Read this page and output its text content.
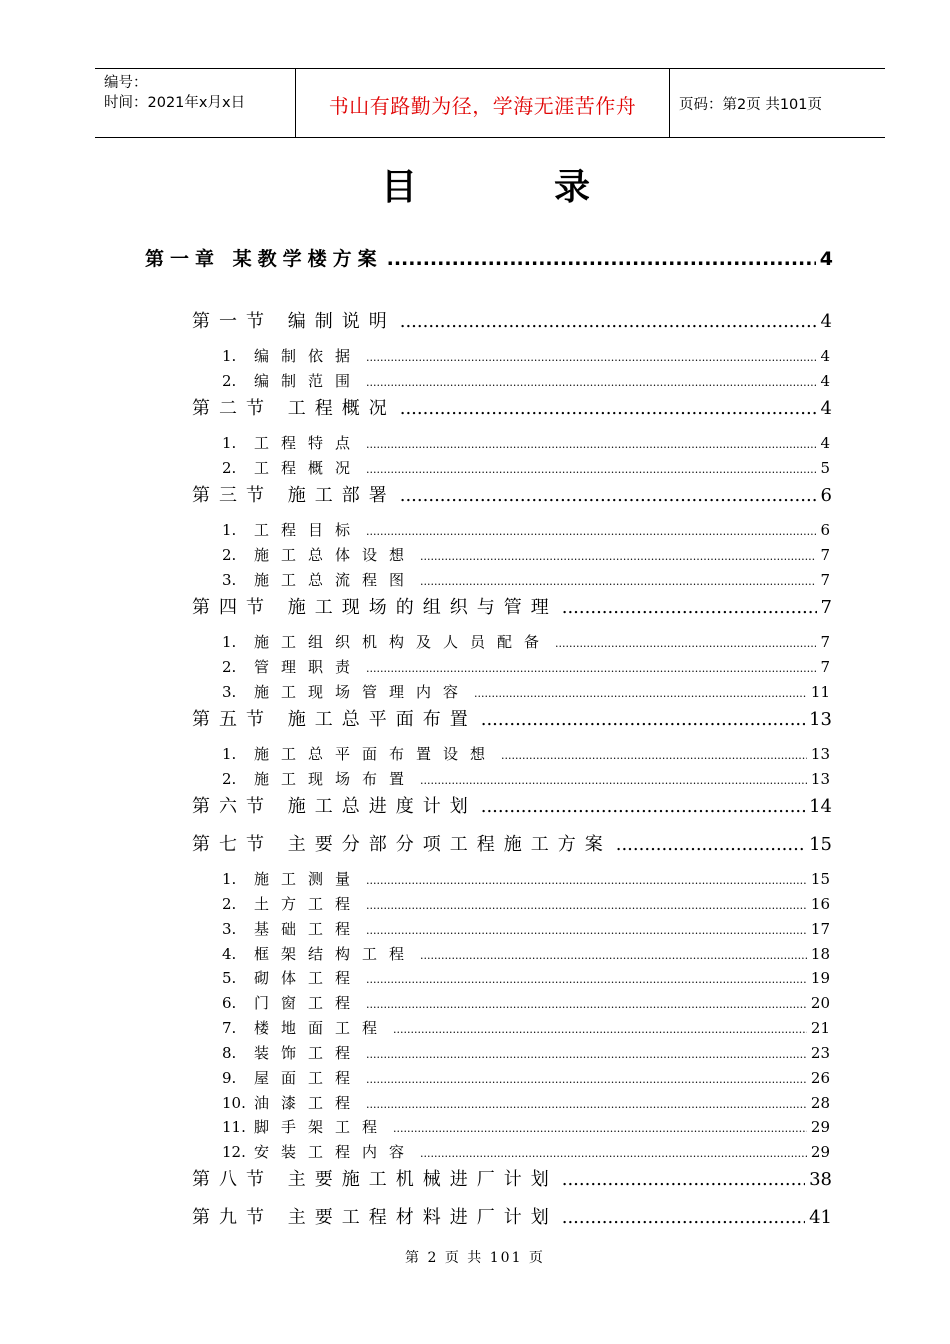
编号：
时间：2021年x月x日	书山有路勤为径，学海无涯苦作舟	页码：第2页 共101页
目	录
第一章 某教学楼方案 .....	4
第一节 编制说明 .....	4
1.	编制依据 .....	4
2.	编制范围 .....	4
第二节 工程概况 .....	4
1.	工程特点 .....	4
2.	工程概况 .....	5
第三节 施工部署 .....	6
1.	工程目标 .....	6
2.	施工总体设想 .....	7
3.	施工总流程图 .....	7
第四节 施工现场的组织与管理 .....	7
1.	施工组织机构及人员配备 .....	7
2.	管理职责 .....	7
3.	施工现场管理内容 .....	11
第五节 施工总平面布置 .....	13
1.	施工总平面布置设想 .....	13
2.	施工现场布置 .....	13
第六节 施工总进度计划 .....	14
第七节 主要分部分项工程施工方案 .....	15
1.	施工测量 .....	15
2.	土方工程 .....	16
3.	基础工程 .....	17
4.	框架结构工程 .....	18
5.	砌体工程 .....	19
6.	门窗工程 .....	20
7.	楼地面工程 .....	21
8.	装饰工程 .....	23
9.	屋面工程 .....	26
10. 油漆工程 .....	28
11. 脚手架工程 .....	29
12. 安装工程内容 .....	29
第八节 主要施工机械进厂计划 .....	38
第九节 主要工程材料进厂计划 .....	41
第 2 页 共 101 页
